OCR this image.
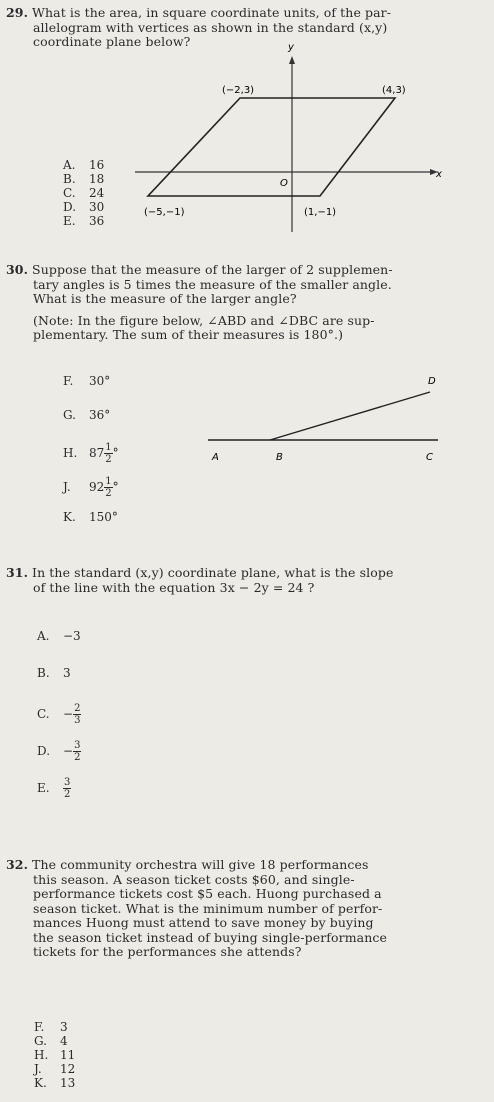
29. What is the area, in square coordinate units, of the par-
allelogram with vertices as shown in the standard (x,y)
coordinate plane below?
A. 16
B. 18
C. 24
D. 30
E. 36
y
x
O
(−2,3)	(4,3)
(1,−1)
(−5,−1)
30. Suppose that the measure of the larger of 2 supplemen-
tary angles is 5 times the measure of the smaller angle.
What is the measure of the larger angle?
(Note: In the figure below, ∠ABD and ∠DBC are sup-
plementary. The sum of their measures is 180°.)
F. 30°
G. 36°
H. $87 \frac{1}{2}$ °
J. $92 \frac{1}{2}$ °
K. 150°
A	B	C
D
31. In the standard (x,y) coordinate plane, what is the slope
of the line with the equation 3x − 2y = 24 ?
A. −3
B. 3
C. − $\frac{2}{3}$
D. − $\frac{3}{2}$
E. $\frac{3}{2}$
32. The community orchestra will give 18 performances
this season. A season ticket costs $60, and single-
performance tickets cost $5 each. Huong purchased a
season ticket. What is the minimum number of perfor-
mances Huong must attend to save money by buying
the season ticket instead of buying single-performance
tickets for the performances she attends?
F. 3
G. 4
H. 11
J. 12
K. 13
